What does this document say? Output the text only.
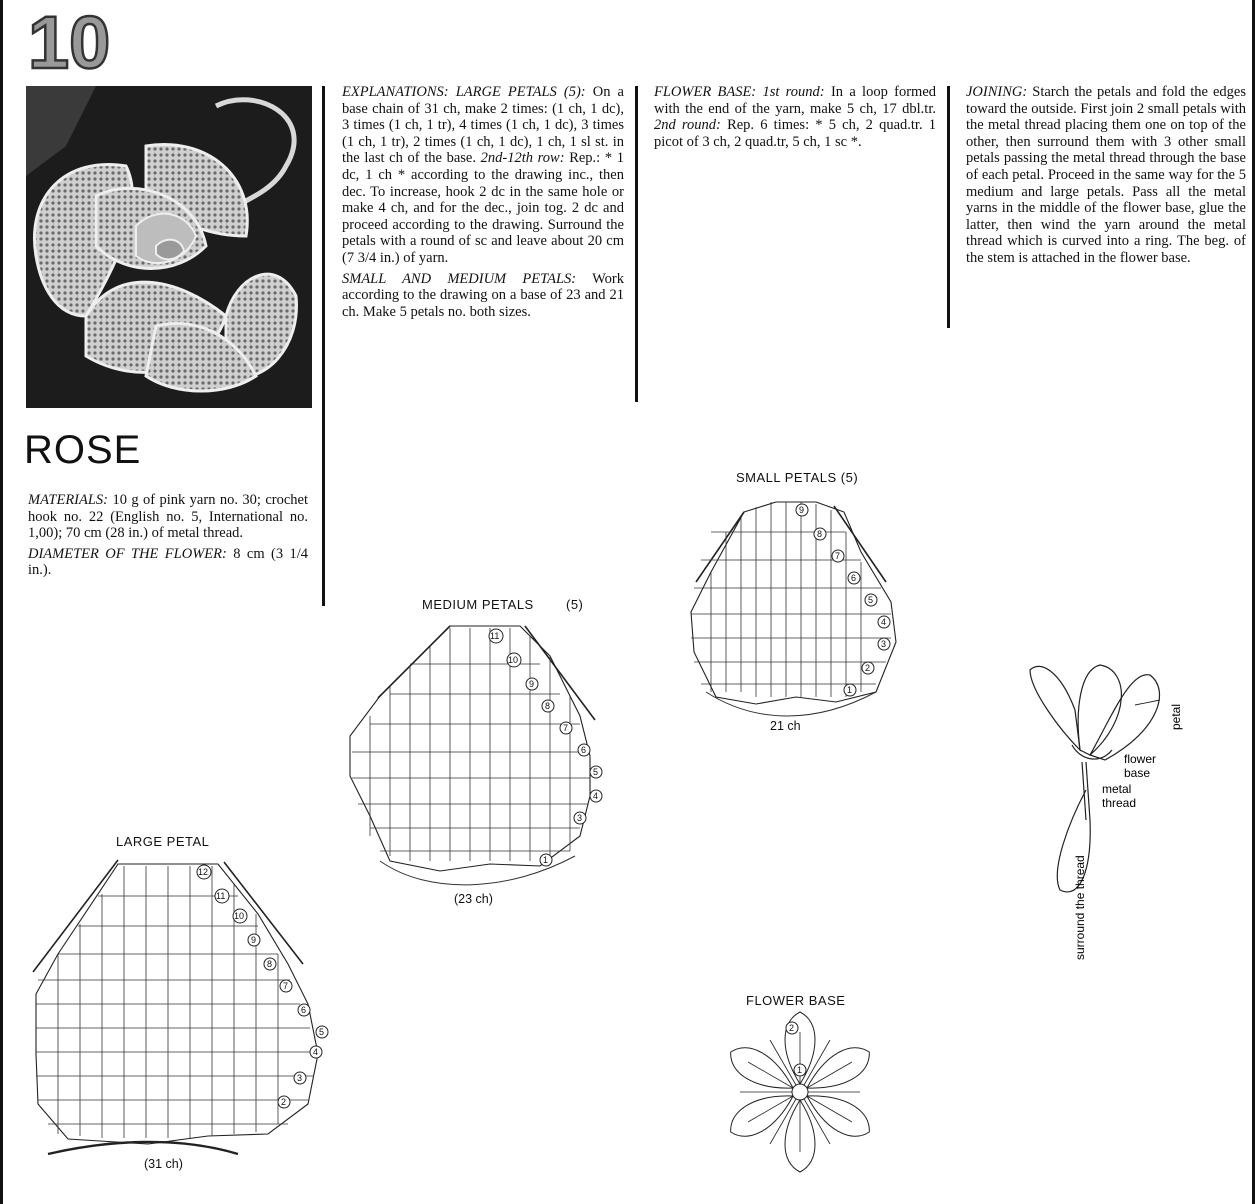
10
ROSE

MATERIALS: 10 g of pink yarn no. 30; crochet hook no. 22 (English no. 5, International no. 1,00); 70 cm (28 in.) of metal thread.

DIAMETER OF THE FLOWER: 8 cm (3 1/4 in.).

EXPLANATIONS: LARGE PETALS (5): On a base chain of 31 ch, make 2 times: (1 ch, 1 dc), 3 times (1 ch, 1 tr), 4 times (1 ch, 1 dc), 3 times (1 ch, 1 tr), 2 times (1 ch, 1 dc), 1 ch, 1 sl st. in the last ch of the base. 2nd-12th row: Rep.: * 1 dc, 1 ch * according to the drawing inc., then dec. To increase, hook 2 dc in the same hole or make 4 ch, and for the dec., join tog. 2 dc and proceed according to the drawing. Surround the petals with a round of sc and leave about 20 cm (7 3/4 in.) of yarn.

SMALL AND MEDIUM PETALS: Work according to the drawing on a base of 23 and 21 ch. Make 5 petals no. both sizes.

FLOWER BASE: 1st round: In a loop formed with the end of the yarn, make 5 ch, 17 dbl.tr. 2nd round: Rep. 6 times: * 5 ch, 2 quad.tr. 1 picot of 3 ch, 2 quad.tr, 5 ch, 1 sc *.

JOINING: Starch the petals and fold the edges toward the outside. First join 2 small petals with the metal thread placing them one on top of the other, then surround them with 3 other small petals passing the metal thread through the base of each petal. Proceed in the same way for the 5 medium and large petals. Pass all the metal yarns in the middle of the flower base, glue the latter, then wind the yarn around the metal thread which is curved into a ring. The beg. of the stem is attached in the flower base.

SMALL PETALS (5)
21 ch
MEDIUM PETALS (5)
(23 ch)
LARGE PETAL
(31 ch)
FLOWER BASE
1
2
3
4
5
6
7
8
9
1
3
4
5
6
7
8
9
10
11
2
3
4
5
6
7
8
9
10
11
12
1
2
petal
flower
base
metal
thread
surround the thread
